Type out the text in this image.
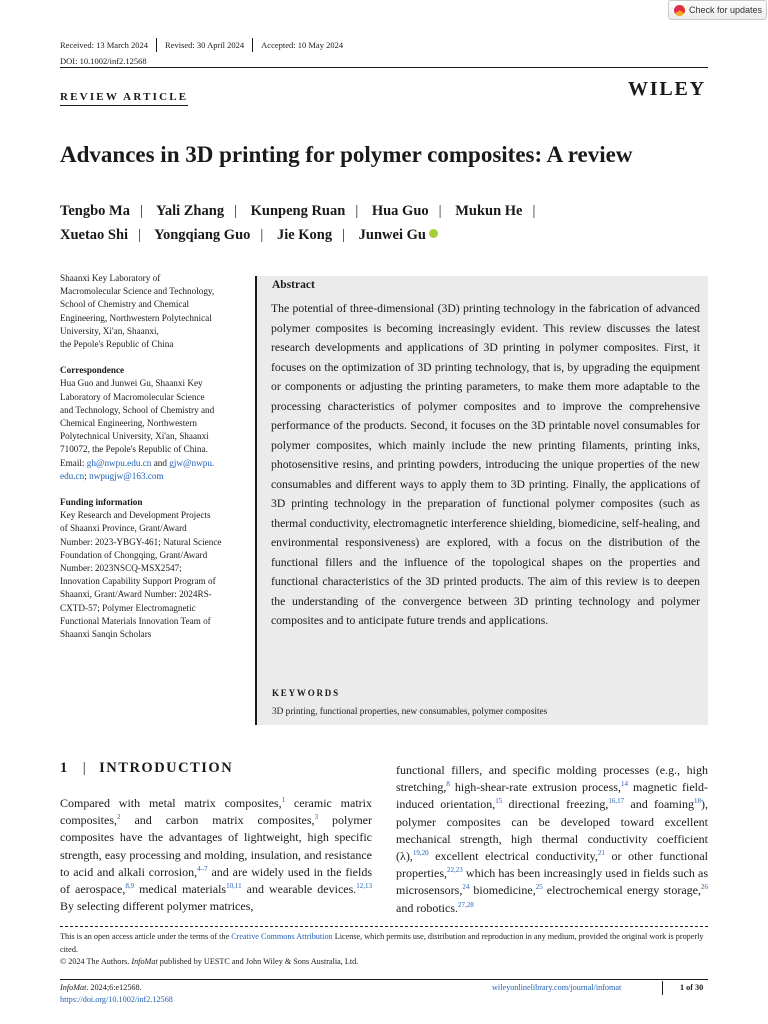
Check for updates
Received: 13 March 2024 Revised: 30 April 2024 Accepted: 10 May 2024
DOI: 10.1002/inf2.12568
REVIEW ARTICLE	WILEY
Advances in 3D printing for polymer composites: A review
Tengbo Ma | Yali Zhang | Kunpeng Ruan | Hua Guo | Mukun He |
Xuetao Shi | Yongqiang Guo | Jie Kong | Junwei Gu
Shaanxi Key Laboratory of
Macromolecular Science and Technology,
School of Chemistry and Chemical
Engineering, Northwestern Polytechnical
University, Xi'an, Shaanxi,
the Pepole's Republic of China
Correspondence
Hua Guo and Junwei Gu, Shaanxi Key
Laboratory of Macromolecular Science
and Technology, School of Chemistry and
Chemical Engineering, Northwestern
Polytechnical University, Xi'an, Shaanxi
710072, the Pepole's Republic of China.
Email: gh@nwpu.edu.cn and gjw@nwpu.
edu.cn; nwpugjw@163.com
Funding information
Key Research and Development Projects
of Shaanxi Province, Grant/Award
Number: 2023-YBGY-461; Natural Science
Foundation of Chongqing, Grant/Award
Number: 2023NSCQ-MSX2547;
Innovation Capability Support Program of
Shaanxi, Grant/Award Number: 2024RS-
CXTD-57; Polymer Electromagnetic
Functional Materials Innovation Team of
Shaanxi Sanqin Scholars
Abstract
The potential of three-dimensional (3D) printing technology in the fabrication of advanced polymer composites is becoming increasingly evident. This review discusses the latest research developments and applications of 3D printing in polymer composites. First, it focuses on the optimization of 3D printing technology, that is, by upgrading the equipment or components or adjusting the printing parameters, to make them more adaptable to the processing characteristics of polymer composites and to improve the comprehensive performance of the products. Second, it focuses on the 3D printable novel consumables for polymer composites, which mainly include the new printing filaments, printing inks, photosensitive resins, and printing powders, introducing the unique properties of the new consumables and different ways to apply them to 3D printing. Finally, the applications of 3D printing technology in the preparation of functional polymer composites (such as thermal conductivity, electromagnetic interference shielding, biomedicine, self-healing, and environmental responsiveness) are explored, with a focus on the distribution of the functional fillers and the influence of the topological shapes on the properties and functional characteristics of the 3D printed products. The aim of this review is to deepen the understanding of the convergence between 3D printing technology and polymer composites and to anticipate future trends and applications.
KEYWORDS
3D printing, functional properties, new consumables, polymer composites
1 | INTRODUCTION
Compared with metal matrix composites,$^1$ ceramic matrix composites,$^2$ and carbon matrix composites,$^3$ polymer composites have the advantages of lightweight, high specific strength, easy processing and molding, insulation, and resistance to acid and alkali corrosion,$^{4-7}$ and are widely used in the fields of aerospace,$^{8,9}$ medical materials$^{10,11}$ and wearable devices.$^{12,13}$ By selecting different polymer matrices,
functional fillers, and specific molding processes (e.g., high stretching,$^8$ high-shear-rate extrusion process,$^{14}$ magnetic field-induced orientation,$^{15}$ directional freezing,$^{16,17}$ and foaming$^{18}$), polymer composites can be developed toward excellent mechanical strength, high thermal conductivity coefficient (λ),$^{19,20}$ excellent electrical conductivity,$^{21}$ or other functional properties,$^{22,23}$ which has been increasingly used in fields such as microsensors,$^{24}$ biomedicine,$^{25}$ electrochemical energy storage,$^{26}$ and robotics.$^{27,28}$
This is an open access article under the terms of the Creative Commons Attribution License, which permits use, distribution and reproduction in any medium, provided the original work is properly cited.
© 2024 The Authors. InfoMat published by UESTC and John Wiley & Sons Australia, Ltd.
InfoMat. 2024;6:e12568.
https://doi.org/10.1002/inf2.12568
wileyonlinelibrary.com/journal/infomat	1 of 30
